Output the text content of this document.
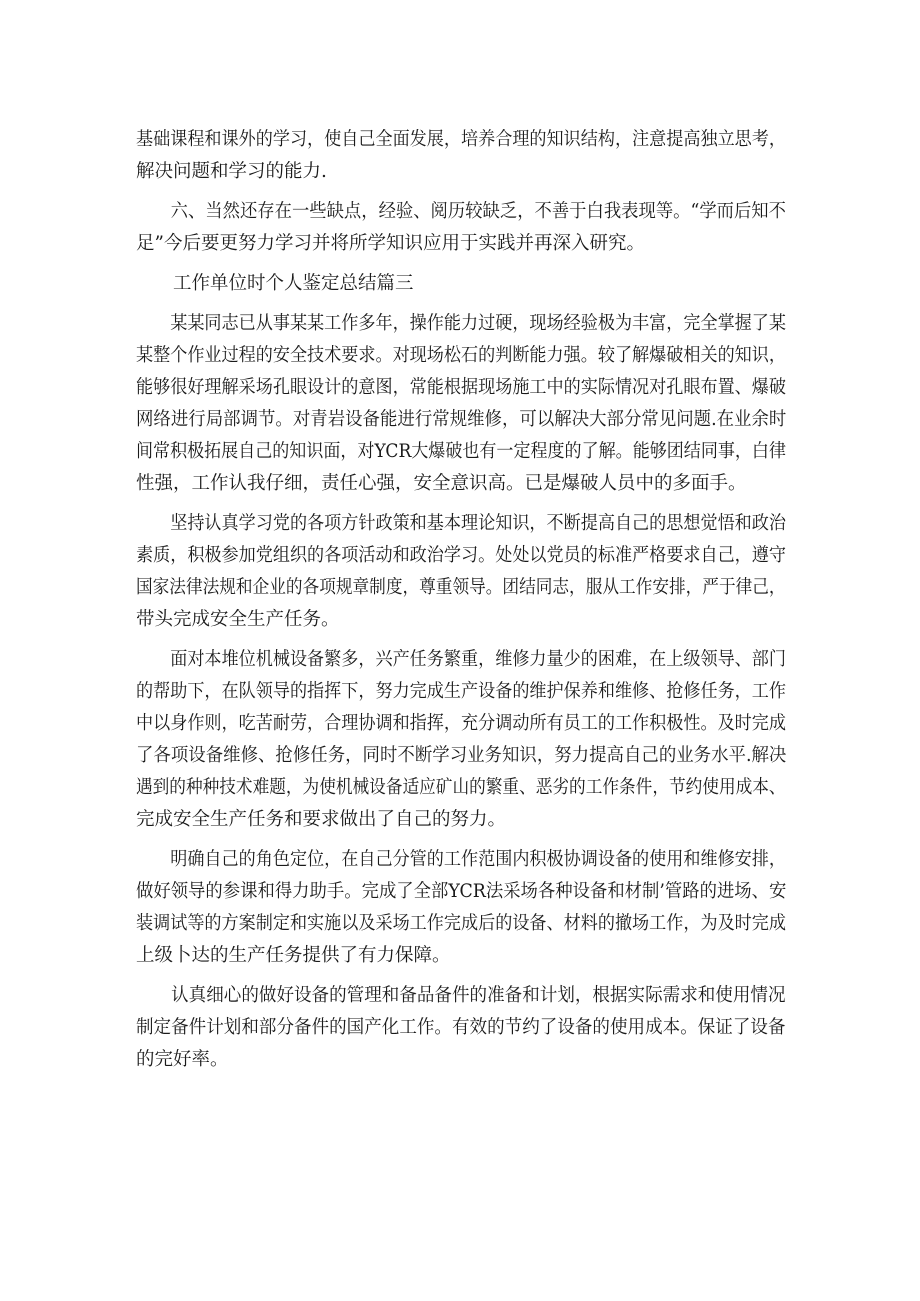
基础课程和课外的学习，使自己全面发展，培养合理的知识结构，注意提高独立思考，
解决问题和学习的能力.
六、当然还存在一些缺点，经验、阅历较缺乏，不善于白我表现等。“学而后知不
足”今后要更努力学习并将所学知识应用于实践并再深入研究。
工作单位时个人鉴定总结篇三
某某同志已从事某某工作多年，操作能力过硬，现场经验极为丰富，完全掌握了某
某整个作业过程的安全技术要求。对现场松石的判断能力强。较了解爆破相关的知识，
能够很好理解采场孔眼设计的意图，常能根据现场施工中的实际情况对孔眼布置、爆破
网络进行局部调节。对青岩设备能进行常规维修，可以解决大部分常见问题.在业余时
间常积极拓展自己的知识面，对YCR大爆破也有一定程度的了解。能够团结同事，白律
性强，工作认我仔细，责任心强，安全意识高。已是爆破人员中的多面手。
坚持认真学习党的各项方针政策和基本理论知识，不断提高自己的思想觉悟和政治
素质，积极参加党组织的各项活动和政治学习。处处以党员的标准严格要求自己，遵守
国家法律法规和企业的各项规章制度，尊重领导。团结同志，服从工作安排，严于律己，
带头完成安全生产任务。
面对本堆位机械设备繁多，兴产任务繁重，维修力量少的困难，在上级领导、部门
的帮助下，在队领导的指挥下，努力完成生产设备的维护保养和维修、抢修任务，工作
中以身作则，吃苦耐劳，合理协调和指挥，充分调动所有员工的工作积极性。及时完成
了各项设备维修、抢修任务，同时不断学习业务知识，努力提高自己的业务水平.解决
遇到的种种技术难题，为使机械设备适应矿山的繁重、恶劣的工作条件，节约使用成本、
完成安全生产任务和要求做出了自己的努力。
明确自己的角色定位，在自己分管的工作范围内积极协调设备的使用和维修安排，
做好领导的参课和得力助手。完成了全部YCR法采场各种设备和材制’管路的进场、安
装调试等的方案制定和实施以及采场工作完成后的设备、材料的撤场工作，为及时完成
上级卜达的生产任务提供了有力保障。
认真细心的做好设备的管理和备品备件的准备和计划，根据实际需求和使用情况
制定备件计划和部分备件的国产化工作。有效的节约了设备的使用成本。保证了设备
的完好率。
